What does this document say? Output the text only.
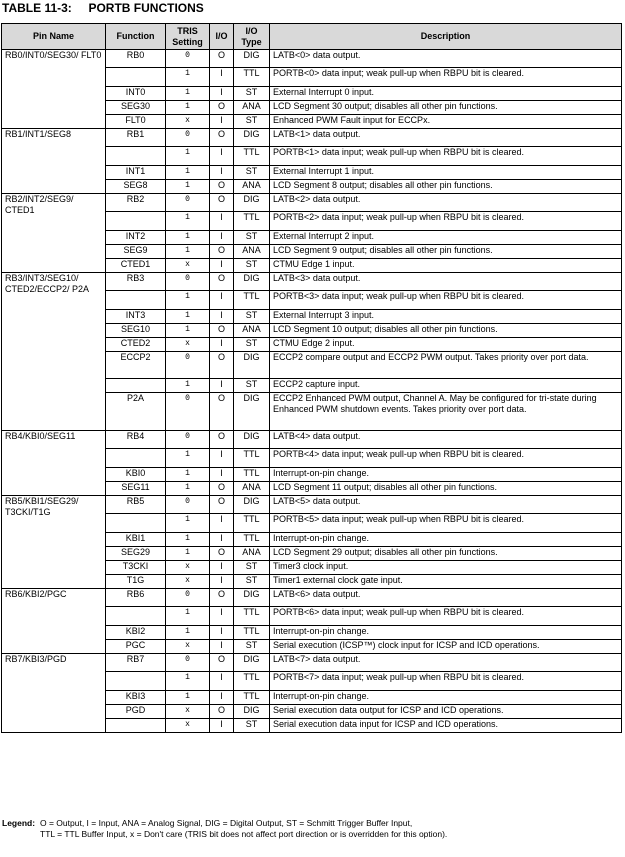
TABLE 11-3:     PORTB FUNCTIONS
Pin Name	Function	TRIS Setting	I/O	I/O Type	Description
RB0/INT0/SEG30/ FLT0	RB0	0	O	DIG	LATB<0> data output.
		1	I	TTL	PORTB<0> data input; weak pull-up when RBPU bit is cleared.
	INT0	1	I	ST	External Interrupt 0 input.
	SEG30	1	O	ANA	LCD Segment 30 output; disables all other pin functions.
	FLT0	x	I	ST	Enhanced PWM Fault input for ECCPx.
RB1/INT1/SEG8	RB1	0	O	DIG	LATB<1> data output.
		1	I	TTL	PORTB<1> data input; weak pull-up when RBPU bit is cleared.
	INT1	1	I	ST	External Interrupt 1 input.
	SEG8	1	O	ANA	LCD Segment 8 output; disables all other pin functions.
RB2/INT2/SEG9/ CTED1	RB2	0	O	DIG	LATB<2> data output.
		1	I	TTL	PORTB<2> data input; weak pull-up when RBPU bit is cleared.
	INT2	1	I	ST	External Interrupt 2 input.
	SEG9	1	O	ANA	LCD Segment 9 output; disables all other pin functions.
	CTED1	x	I	ST	CTMU Edge 1 input.
RB3/INT3/SEG10/ CTED2/ECCP2/ P2A	RB3	0	O	DIG	LATB<3> data output.
		1	I	TTL	PORTB<3> data input; weak pull-up when RBPU bit is cleared.
	INT3	1	I	ST	External Interrupt 3 input.
	SEG10	1	O	ANA	LCD Segment 10 output; disables all other pin functions.
	CTED2	x	I	ST	CTMU Edge 2 input.
	ECCP2	0	O	DIG	ECCP2 compare output and ECCP2 PWM output. Takes priority over port data.
		1	I	ST	ECCP2 capture input.
	P2A	0	O	DIG	ECCP2 Enhanced PWM output, Channel A. May be configured for tri-state during Enhanced PWM shutdown events. Takes priority over port data.
RB4/KBI0/SEG11	RB4	0	O	DIG	LATB<4> data output.
		1	I	TTL	PORTB<4> data input; weak pull-up when RBPU bit is cleared.
	KBI0	1	I	TTL	Interrupt-on-pin change.
	SEG11	1	O	ANA	LCD Segment 11 output; disables all other pin functions.
RB5/KBI1/SEG29/ T3CKI/T1G	RB5	0	O	DIG	LATB<5> data output.
		1	I	TTL	PORTB<5> data input; weak pull-up when RBPU bit is cleared.
	KBI1	1	I	TTL	Interrupt-on-pin change.
	SEG29	1	O	ANA	LCD Segment 29 output; disables all other pin functions.
	T3CKI	x	I	ST	Timer3 clock input.
	T1G	x	I	ST	Timer1 external clock gate input.
RB6/KBI2/PGC	RB6	0	O	DIG	LATB<6> data output.
		1	I	TTL	PORTB<6> data input; weak pull-up when RBPU bit is cleared.
	KBI2	1	I	TTL	Interrupt-on-pin change.
	PGC	x	I	ST	Serial execution (ICSP™) clock input for ICSP and ICD operations.
RB7/KBI3/PGD	RB7	0	O	DIG	LATB<7> data output.
		1	I	TTL	PORTB<7> data input; weak pull-up when RBPU bit is cleared.
	KBI3	1	I	TTL	Interrupt-on-pin change.
	PGD	x	O	DIG	Serial execution data output for ICSP and ICD operations.
		x	I	ST	Serial execution data input for ICSP and ICD operations.
Legend: O = Output, I = Input, ANA = Analog Signal, DIG = Digital Output, ST = Schmitt Trigger Buffer Input,
TTL = TTL Buffer Input, x = Don't care (TRIS bit does not affect port direction or is overridden for this option).
